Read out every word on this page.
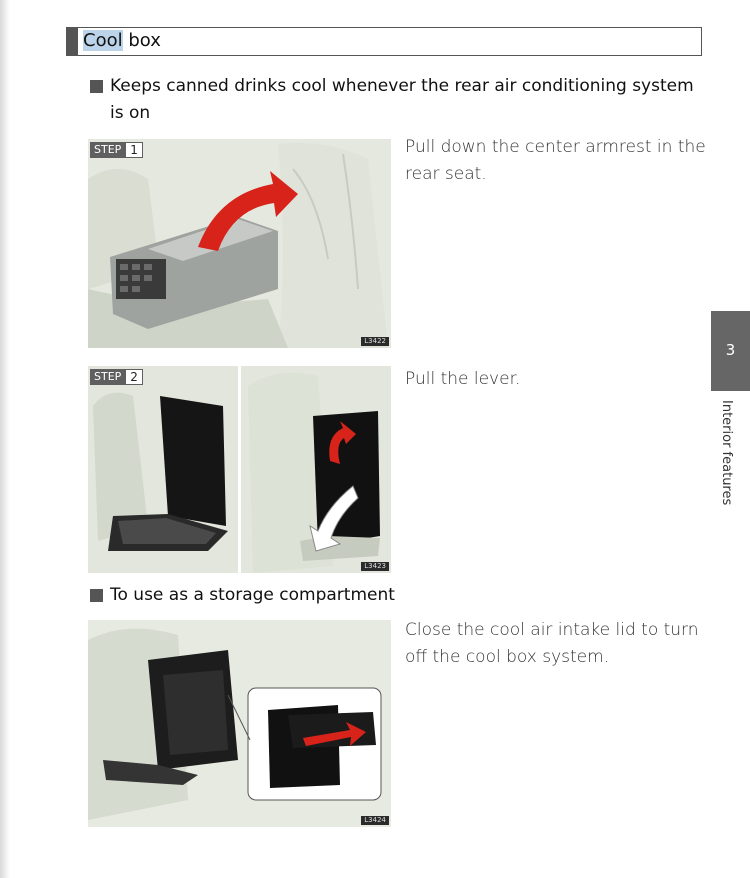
Cool box
Keeps canned drinks cool whenever the rear air conditioning system
is on
STEP 1
L3422
Pull down the center armrest in the
rear seat.
STEP 2
L3423
Pull the lever.
To use as a storage compartment
L3424
Close the cool air intake lid to turn
off the cool box system.
3
Interior features
